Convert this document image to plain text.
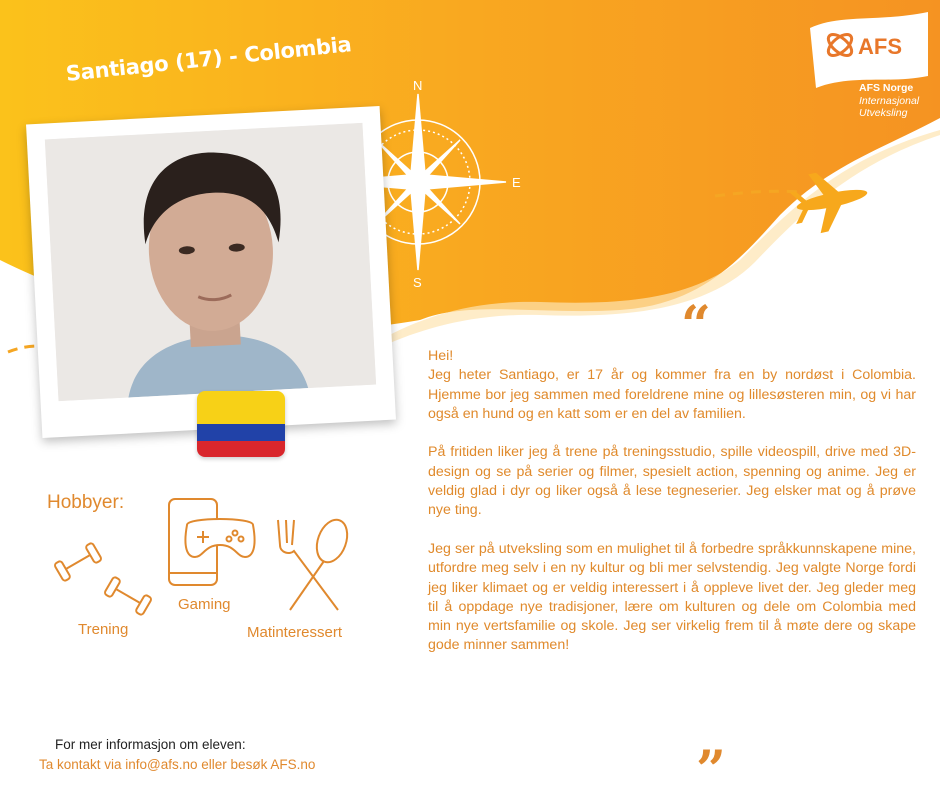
N
E
S
AFS
Santiago (17) - Colombia
AFS Norge
Internasjonal
Utveksling
Hobbyer:
Trening
Gaming
Matinteressert
“

Hei!
Jeg heter Santiago, er 17 år og kommer fra en by nordøst i Colombia. Hjemme bor jeg sammen med foreldrene mine og lillesøsteren min, og vi har også en hund og en katt som er en del av familien.

På fritiden liker jeg å trene på treningsstudio, spille videospill, drive med 3D-design og se på serier og filmer, spesielt action, spenning og anime. Jeg er veldig glad i dyr og liker også å lese tegneserier. Jeg elsker mat og å prøve nye ting.

Jeg ser på utveksling som en mulighet til å forbedre språkkunnskapene mine, utfordre meg selv i en ny kultur og bli mer selvstendig. Jeg valgte Norge fordi jeg liker klimaet og er veldig interessert i å oppleve livet der. Jeg gleder meg til å oppdage nye tradisjoner, lære om kulturen og dele om Colombia med min nye vertsfamilie og skole. Jeg ser virkelig frem til å møte dere og skape gode minner sammen!

”
For mer informasjon om eleven:
Ta kontakt via info@afs.no eller besøk AFS.no
